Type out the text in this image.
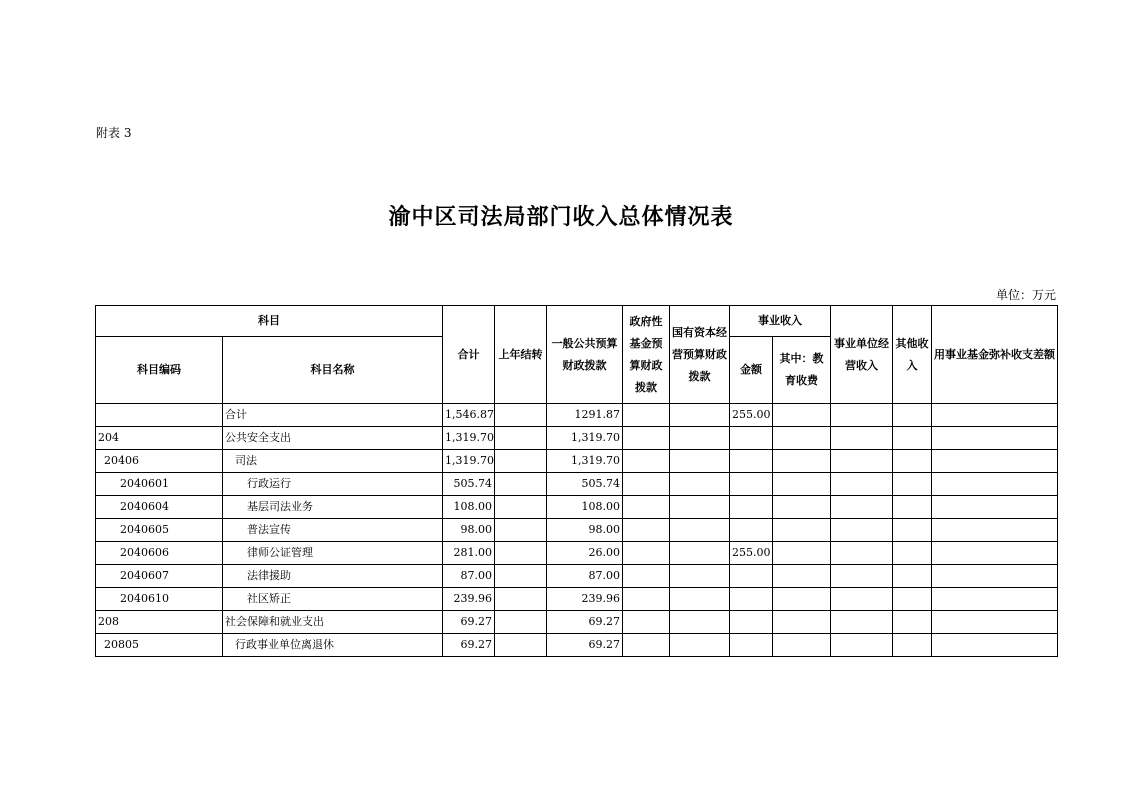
附表 3
渝中区司法局部门收入总体情况表
单位：万元
科目		合计	上年结转	一般公共预算财政拨款	政府性基金预算财政拨款	国有资本经营预算财政拨款	事业收入		事业单位经营收入	其他收入	用事业基金弥补收支差额
科目编码	科目名称						金额	其中：教育收费			
	合计	1,546.87		1291.87			255.00				
204	公共安全支出	1,319.70		1,319.70							
20406	司法	1,319.70		1,319.70							
2040601	行政运行	505.74		505.74							
2040604	基层司法业务	108.00		108.00							
2040605	普法宣传	98.00		98.00							
2040606	律师公证管理	281.00		26.00			255.00				
2040607	法律援助	87.00		87.00							
2040610	社区矫正	239.96		239.96							
208	社会保障和就业支出	69.27		69.27							
20805	行政事业单位离退休	69.27		69.27							
